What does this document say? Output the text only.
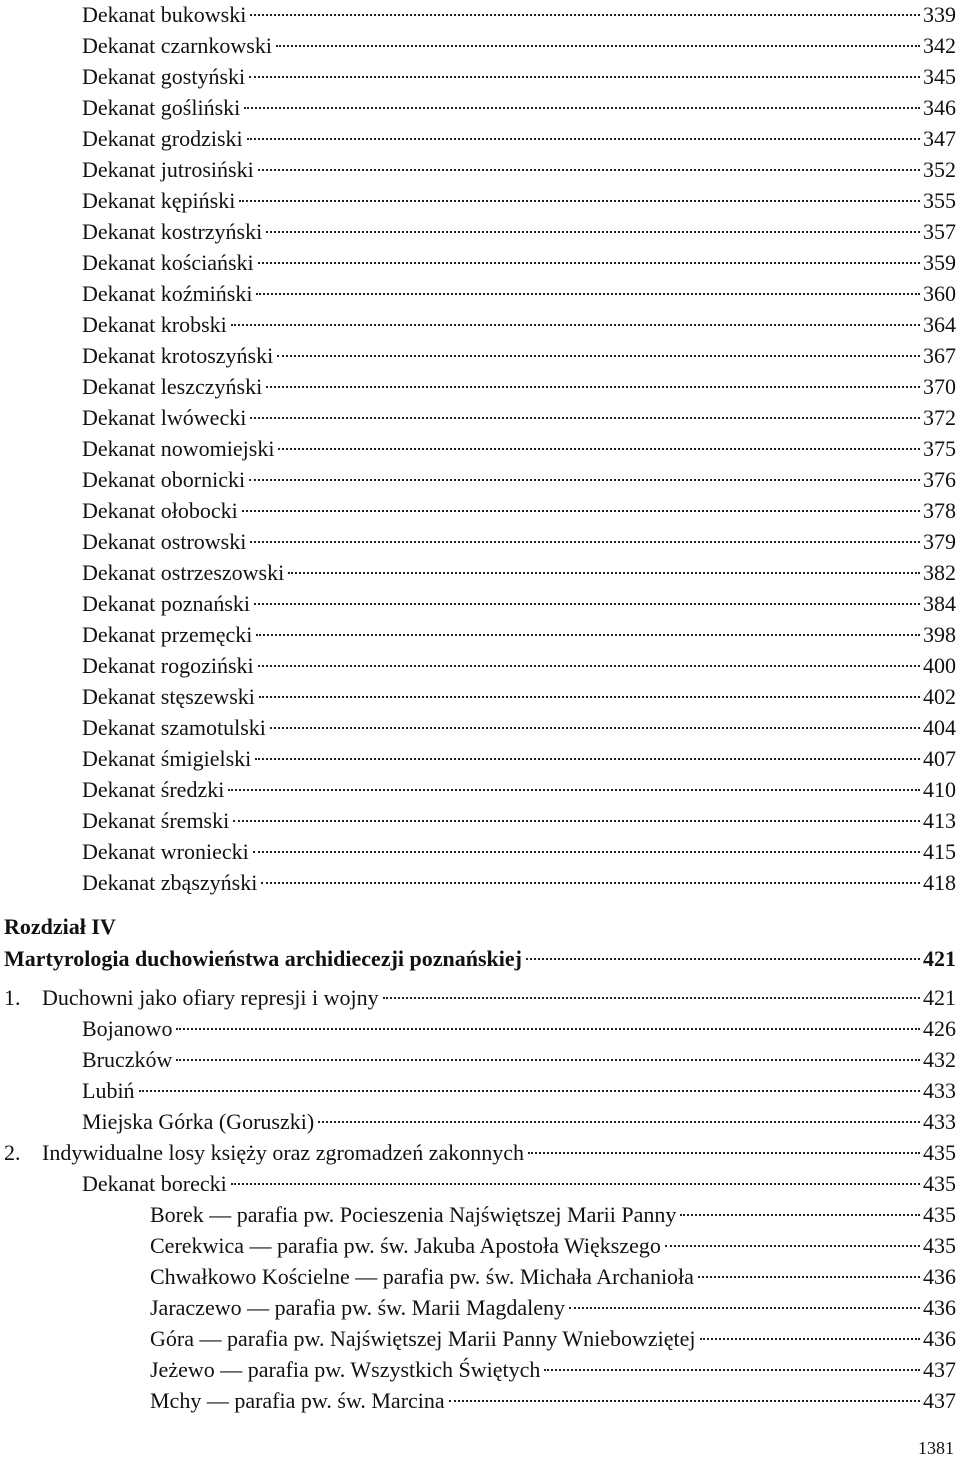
Dekanat bukowski	339
Dekanat czarnkowski	342
Dekanat gostyński	345
Dekanat gośliński	346
Dekanat grodziski	347
Dekanat jutrosiński	352
Dekanat kępiński	355
Dekanat kostrzyński	357
Dekanat kościański	359
Dekanat koźmiński	360
Dekanat krobski	364
Dekanat krotoszyński	367
Dekanat leszczyński	370
Dekanat lwówecki	372
Dekanat nowomiejski	375
Dekanat obornicki	376
Dekanat ołobocki	378
Dekanat ostrowski	379
Dekanat ostrzeszowski	382
Dekanat poznański	384
Dekanat przemęcki	398
Dekanat rogoziński	400
Dekanat stęszewski	402
Dekanat szamotulski	404
Dekanat śmigielski	407
Dekanat średzki	410
Dekanat śremski	413
Dekanat wroniecki	415
Dekanat zbąszyński	418
Rozdział IV
Martyrologia duchowieństwa archidiecezji poznańskiej	421
1. Duchowni jako ofiary represji i wojny	421
Bojanowo	426
Bruczków	432
Lubiń	433
Miejska Górka (Goruszki)	433
2. Indywidualne losy księży oraz zgromadzeń zakonnych	435
Dekanat borecki	435
Borek — parafia pw. Pocieszenia Najświętszej Marii Panny	435
Cerekwica — parafia pw. św. Jakuba Apostoła Większego	435
Chwałkowo Kościelne — parafia pw. św. Michała Archanioła	436
Jaraczewo — parafia pw. św. Marii Magdaleny	436
Góra — parafia pw. Najświętszej Marii Panny Wniebowziętej	436
Jeżewo — parafia pw. Wszystkich Świętych	437
Mchy — parafia pw. św. Marcina	437
1381
